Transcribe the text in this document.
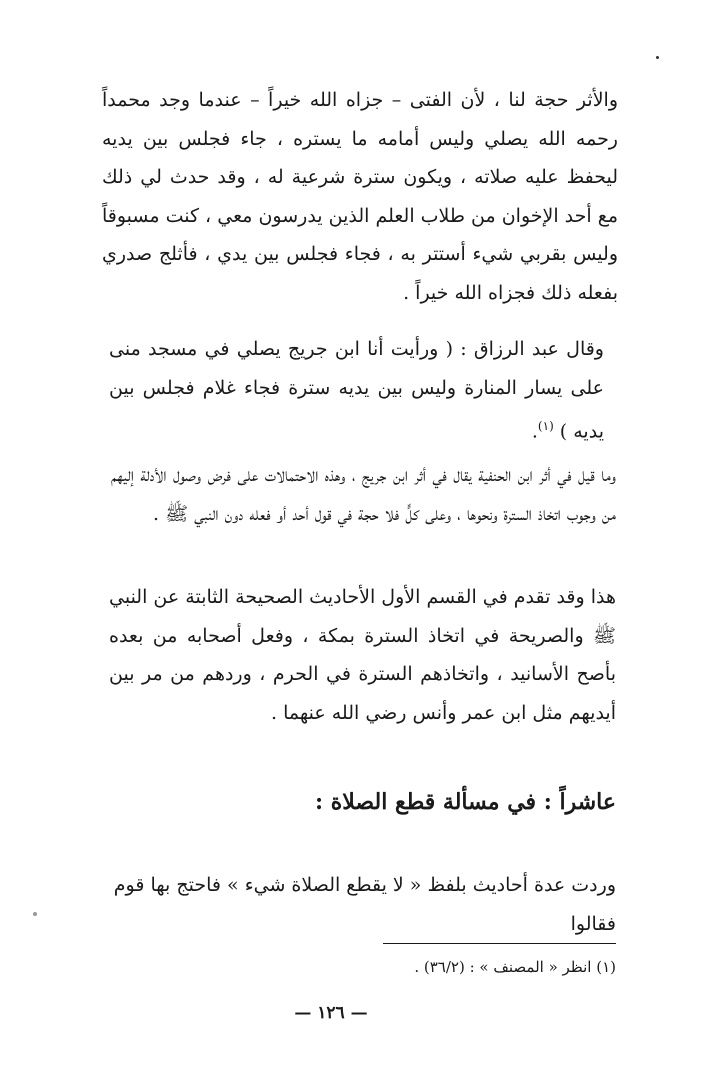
والأثر حجة لنا ، لأن الفتى – جزاه الله خيراً – عندما وجد محمداً رحمه الله يصلي وليس أمامه ما يستره ، جاء فجلس بين يديه ليحفظ عليه صلاته ، ويكون سترة شرعية له ، وقد حدث لي ذلك مع أحد الإخوان من طلاب العلم الذين يدرسون معي ، كنت مسبوقاً وليس بقربي شيء أستتر به ، فجاء فجلس بين يدي ، فأثلج صدري بفعله ذلك فجزاه الله خيراً .

وقال عبد الرزاق : ( ورأيت أنا ابن جريج يصلي في مسجد منى على يسار المنارة وليس بين يديه سترة فجاء غلام فجلس بين يديه ) $^{(١)}$.

وما قيل في أثر ابن الحنفية يقال في أثر ابن جريج ، وهذه الاحتمالات على فرض وصول الأدلة إليهم من وجوب اتخاذ السترة ونحوها ، وعلى كلٍّ فلا حجة في قول أحد أو فعله دون النبي ﷺ .

هذا وقد تقدم في القسم الأول الأحاديث الصحيحة الثابتة عن النبي ﷺ والصريحة في اتخاذ السترة بمكة ، وفعل أصحابه من بعده بأصح الأسانيد ، واتخاذهم السترة في الحرم ، وردهم من مر بين أيديهم مثل ابن عمر وأنس رضي الله عنهما .

عاشراً : في مسألة قطع الصلاة :

وردت عدة أحاديث بلفظ « لا يقطع الصلاة شيء » فاحتج بها قوم فقالوا

(١) انظر « المصنف » : (٣٦/٢) .

— ١٢٦ —
